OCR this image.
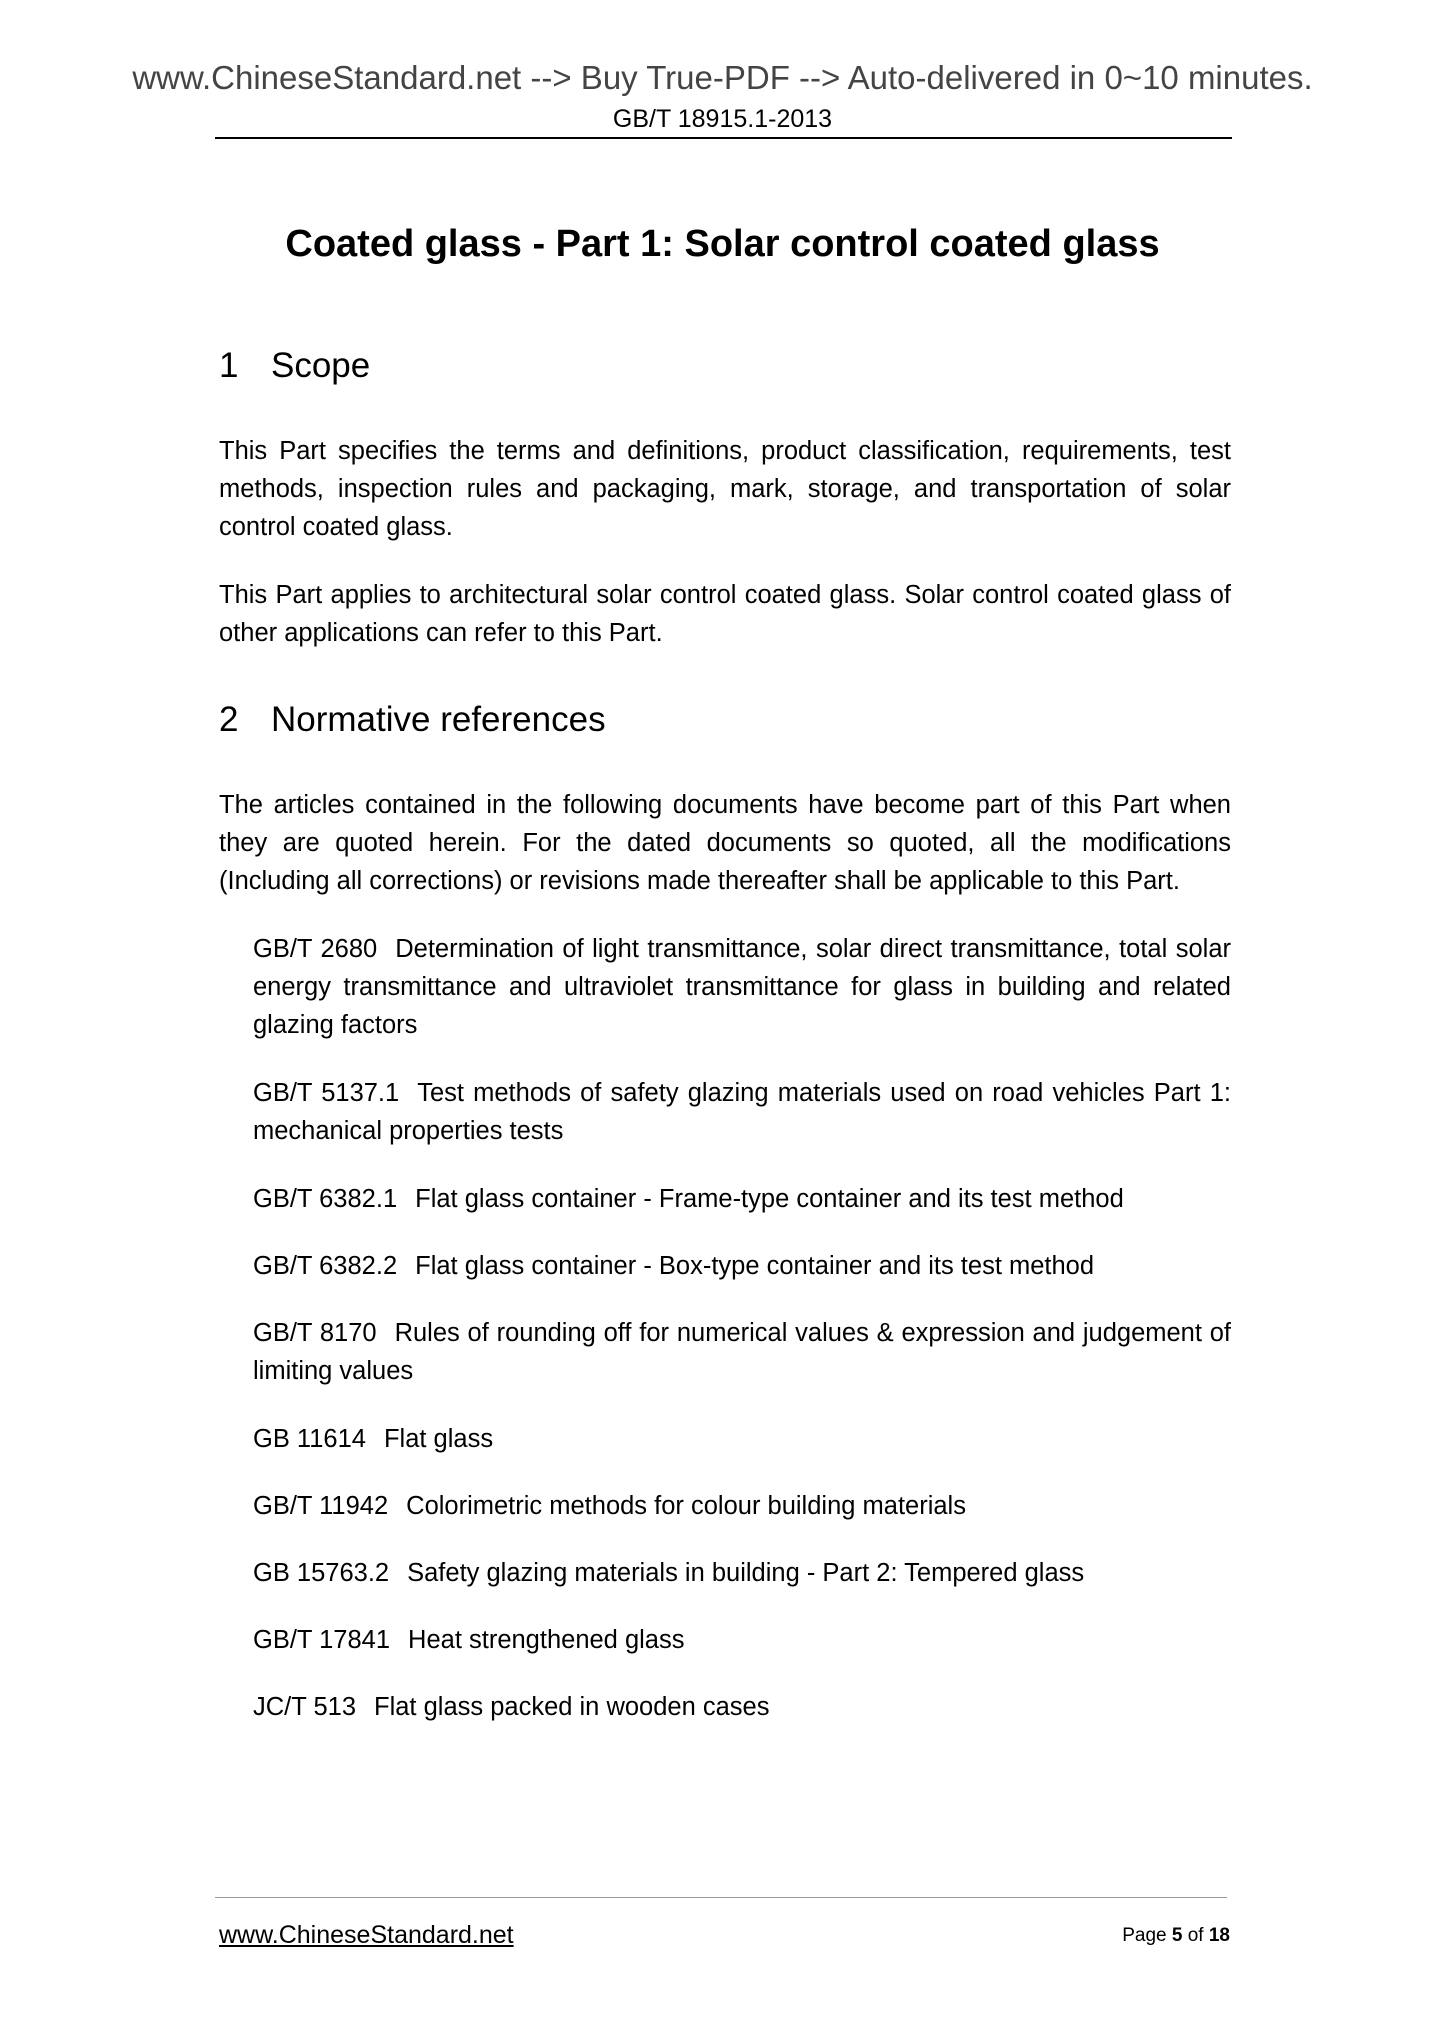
www.ChineseStandard.net --> Buy True-PDF --> Auto-delivered in 0~10 minutes.
GB/T 18915.1-2013
Coated glass - Part 1: Solar control coated glass
1 Scope

This Part specifies the terms and definitions, product classification, requirements, test methods, inspection rules and packaging, mark, storage, and transportation of solar control coated glass.

This Part applies to architectural solar control coated glass. Solar control coated glass of other applications can refer to this Part.

2 Normative references

The articles contained in the following documents have become part of this Part when they are quoted herein. For the dated documents so quoted, all the modifications (Including all corrections) or revisions made thereafter shall be applicable to this Part.

GB/T 2680 Determination of light transmittance, solar direct transmittance, total solar energy transmittance and ultraviolet transmittance for glass in building and related glazing factors

GB/T 5137.1 Test methods of safety glazing materials used on road vehicles Part 1: mechanical properties tests

GB/T 6382.1 Flat glass container - Frame-type container and its test method

GB/T 6382.2 Flat glass container - Box-type container and its test method

GB/T 8170 Rules of rounding off for numerical values & expression and judgement of limiting values

GB 11614 Flat glass

GB/T 11942 Colorimetric methods for colour building materials

GB 15763.2 Safety glazing materials in building - Part 2: Tempered glass

GB/T 17841 Heat strengthened glass

JC/T 513 Flat glass packed in wooden cases

www.ChineseStandard.net	Page 5 of 18
